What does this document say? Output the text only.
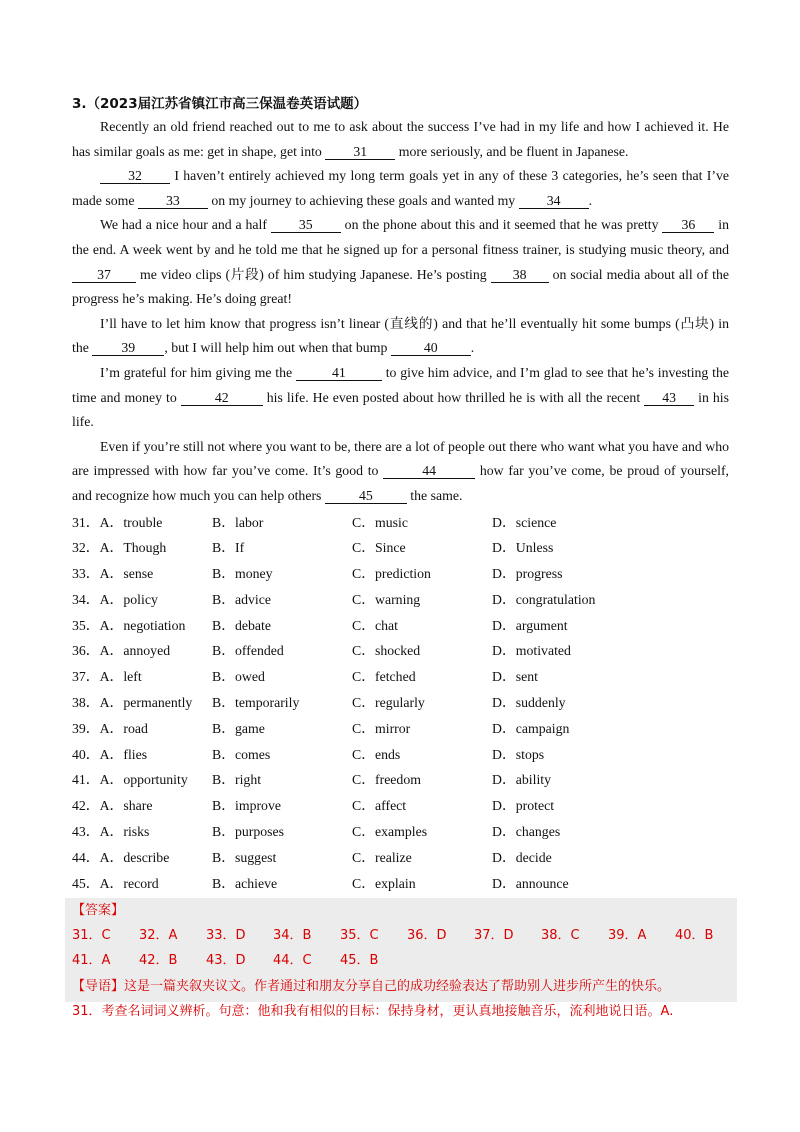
3.（2023届江苏省镇江市高三保温卷英语试题）

Recently an old friend reached out to me to ask about the success I’ve had in my life and how I achieved it. He has similar goals as me: get in shape, get into 31 more seriously, and be fluent in Japanese.

32 I haven’t entirely achieved my long term goals yet in any of these 3 categories, he’s seen that I’ve made some 33 on my journey to achieving these goals and wanted my 34 .

We had a nice hour and a half 35 on the phone about this and it seemed that he was pretty 36 in the end. A week went by and he told me that he signed up for a personal fitness trainer, is studying music theory, and 37 me video clips (片段) of him studying Japanese. He’s posting 38 on social media about all of the progress he’s making. He’s doing great!

I’ll have to let him know that progress isn’t linear (直线的) and that he’ll eventually hit some bumps (凸块) in the 39 , but I will help him out when that bump 40 .

I’m grateful for him giving me the	41	to give him advice, and I’m glad to see that he’s investing the time and money to 42 his life. He even posted about how thrilled he is with all the recent 43 in his life.

Even if you’re still not where you want to be, there are a lot of people out there who want what you have and who are impressed with how far you’ve come. It’s good to	44	how far you’ve come, be proud of yourself, and recognize how much you can help others 45 the same.

31．A．trouble	B．labor	C．music	D．science
32．A．Though	B．If	C．Since	D．Unless
33．A．sense	B．money	C．prediction	D．progress
34．A．policy	B．advice	C．warning	D．congratulation
35．A．negotiation	B．debate	C．chat	D．argument
36．A．annoyed	B．offended	C．shocked	D．motivated
37．A．left	B．owed	C．fetched	D．sent
38．A．permanently	B．temporarily	C．regularly	D．suddenly
39．A．road	B．game	C．mirror	D．campaign
40．A．flies	B．comes	C．ends	D．stops
41．A．opportunity	B．right	C．freedom	D．ability
42．A．share	B．improve	C．affect	D．protect
43．A．risks	B．purposes	C．examples	D．changes
44．A．describe	B．suggest	C．realize	D．decide
45．A．record	B．achieve	C．explain	D．announce
【答案】
31．C 32．A 33．D 34．B 35．C 36．D 37．D 38．C 39．A 40．B
41．A 42．B 43．D 44．C 45．B
【导语】这是一篇夹叙夹议文。作者通过和朋友分享自己的成功经验表达了帮助别人进步所产生的快乐。
31．考查名词词义辨析。句意：他和我有相似的目标：保持身材，更认真地接触音乐，流利地说日语。A.
